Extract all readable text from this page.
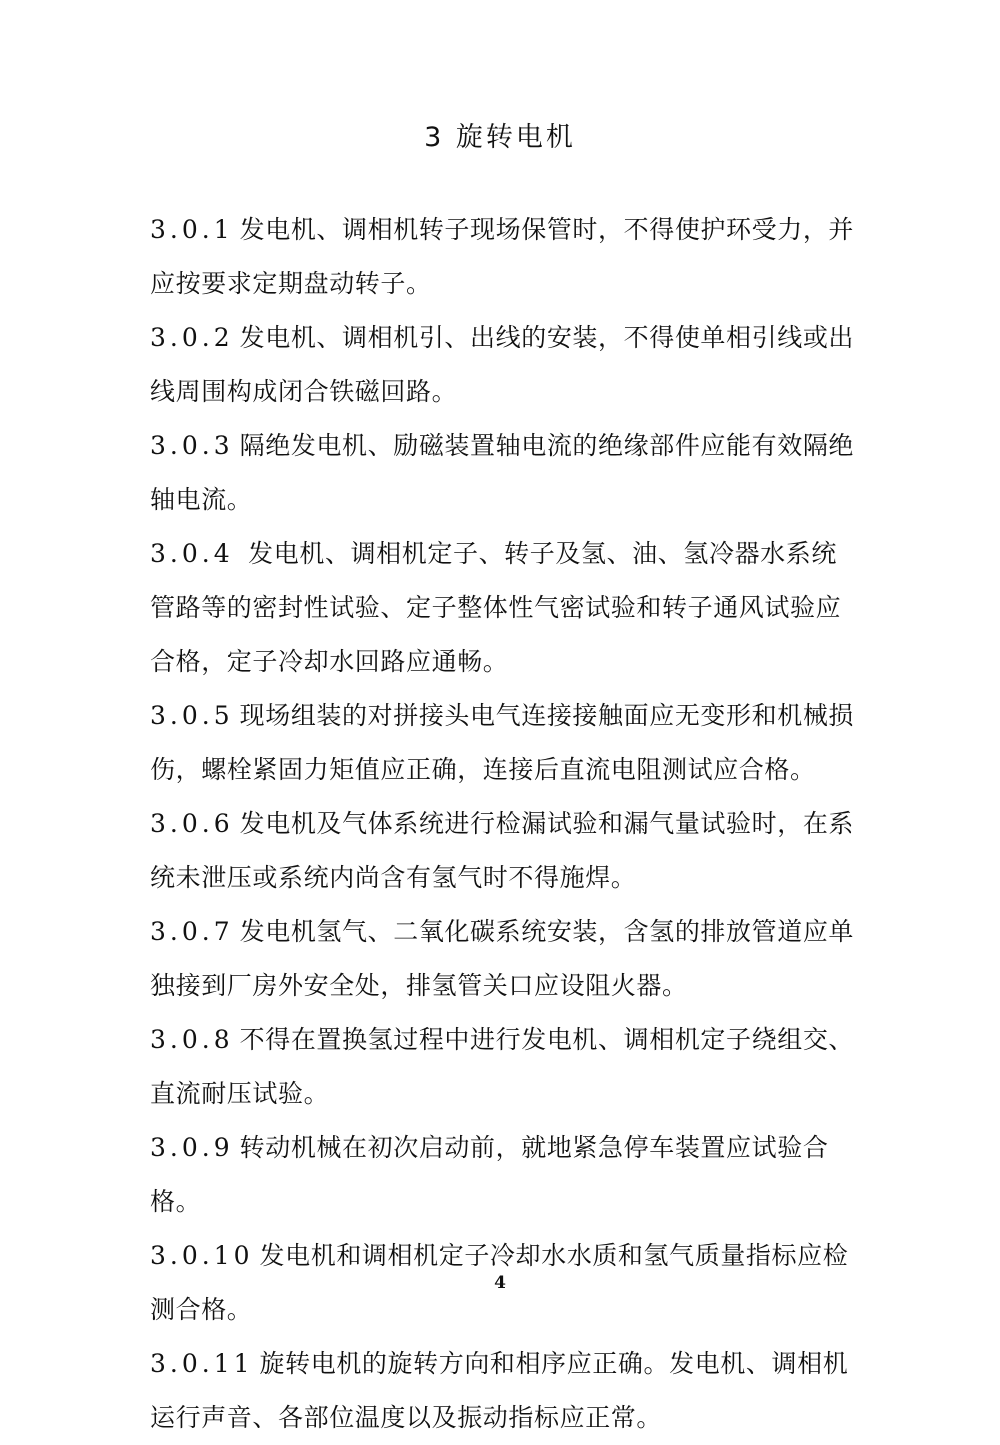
3 旋转电机

3.0.1 发电机、调相机转子现场保管时，不得使护环受力，并应按要求定期盘动转子。

3.0.2 发电机、调相机引、出线的安装，不得使单相引线或出线周围构成闭合铁磁回路。

3.0.3 隔绝发电机、励磁装置轴电流的绝缘部件应能有效隔绝轴电流。

3.0.4 发电机、调相机定子、转子及氢、油、氢冷器水系统管路等的密封性试验、定子整体性气密试验和转子通风试验应合格，定子冷却水回路应通畅。

3.0.5 现场组装的对拼接头电气连接接触面应无变形和机械损伤，螺栓紧固力矩值应正确，连接后直流电阻测试应合格。

3.0.6 发电机及气体系统进行检漏试验和漏气量试验时，在系统未泄压或系统内尚含有氢气时不得施焊。

3.0.7 发电机氢气、二氧化碳系统安装，含氢的排放管道应单独接到厂房外安全处，排氢管关口应设阻火器。

3.0.8 不得在置换氢过程中进行发电机、调相机定子绕组交、直流耐压试验。

3.0.9 转动机械在初次启动前，就地紧急停车装置应试验合格。

3.0.10 发电机和调相机定子冷却水水质和氢气质量指标应检测合格。

3.0.11 旋转电机的旋转方向和相序应正确。发电机、调相机运行声音、各部位温度以及振动指标应正常。

4
